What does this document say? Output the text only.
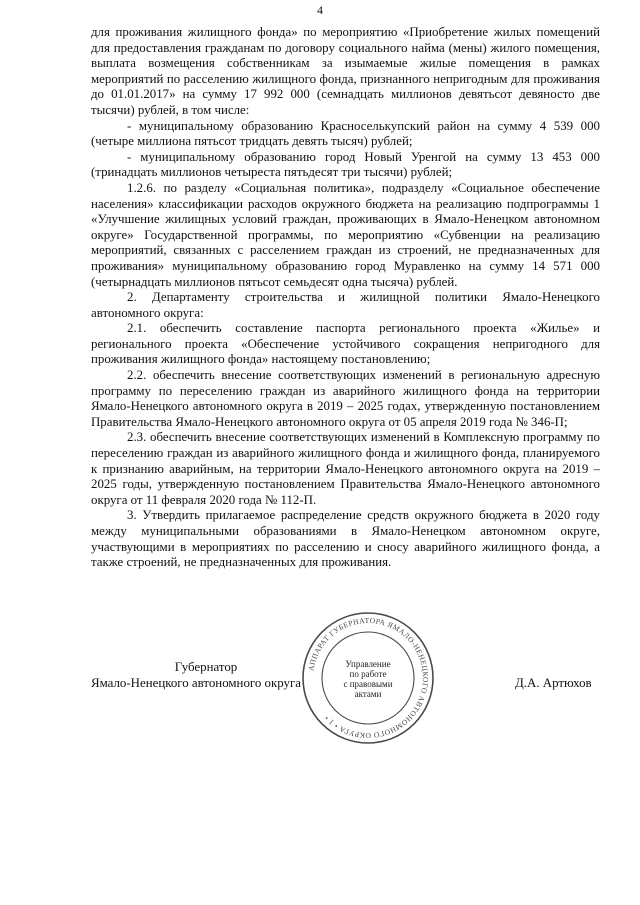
4

для проживания жилищного фонда» по мероприятию «Приобретение жилых помещений для предоставления гражданам по договору социального найма (мены) жилого помещения, выплата возмещения собственникам за изымаемые жилые помещения в рамках мероприятий по расселению жилищного фонда, признанного непригодным для проживания до 01.01.2017» на сумму 17 992 000 (семнадцать миллионов девятьсот девяносто две тысячи) рублей, в том числе:

- муниципальному образованию Красноселькупский район на сумму 4 539 000 (четыре миллиона пятьсот тридцать девять тысяч) рублей;

- муниципальному образованию город Новый Уренгой на сумму 13 453 000 (тринадцать миллионов четыреста пятьдесят три тысячи) рублей;

1.2.6. по разделу «Социальная политика», подразделу «Социальное обеспечение населения» классификации расходов окружного бюджета на реализацию подпрограммы 1 «Улучшение жилищных условий граждан, проживающих в Ямало-Ненецком автономном округе» Государственной программы, по мероприятию «Субвенции на реализацию мероприятий, связанных с расселением граждан из строений, не предназначенных для проживания» муниципальному образованию город Муравленко на сумму 14 571 000 (четырнадцать миллионов пятьсот семьдесят одна тысяча) рублей.

2. Департаменту строительства и жилищной политики Ямало-Ненецкого автономного округа:

2.1. обеспечить составление паспорта регионального проекта «Жилье» и регионального проекта «Обеспечение устойчивого сокращения непригодного для проживания жилищного фонда» настоящему постановлению;

2.2. обеспечить внесение соответствующих изменений в региональную адресную программу по переселению граждан из аварийного жилищного фонда на территории Ямало-Ненецкого автономного округа в 2019 – 2025 годах, утвержденную постановлением Правительства Ямало-Ненецкого автономного округа от 05 апреля 2019 года № 346-П;

2.3. обеспечить внесение соответствующих изменений в Комплексную программу по переселению граждан из аварийного жилищного фонда и жилищного фонда, планируемого к признанию аварийным, на территории Ямало-Ненецкого автономного округа на 2019 – 2025 годы, утвержденную постановлением Правительства Ямало-Ненецкого автономного округа от 11 февраля 2020 года № 112-П.

3. Утвердить прилагаемое распределение средств окружного бюджета в 2020 году между муниципальными образованиями в Ямало-Ненецком автономном округе, участвующими в мероприятиях по расселению и сносу аварийного жилищного фонда, а также строений, не предназначенных для проживания.

Губернатор
Ямало-Ненецкого автономного округа	Д.А. Артюхов
АППАРАТ ГУБЕРНАТОРА ЯМАЛО-НЕНЕЦКОГО АВТОНОМНОГО ОКРУГА • 1 •
Управление
по работе
с правовыми
актами
